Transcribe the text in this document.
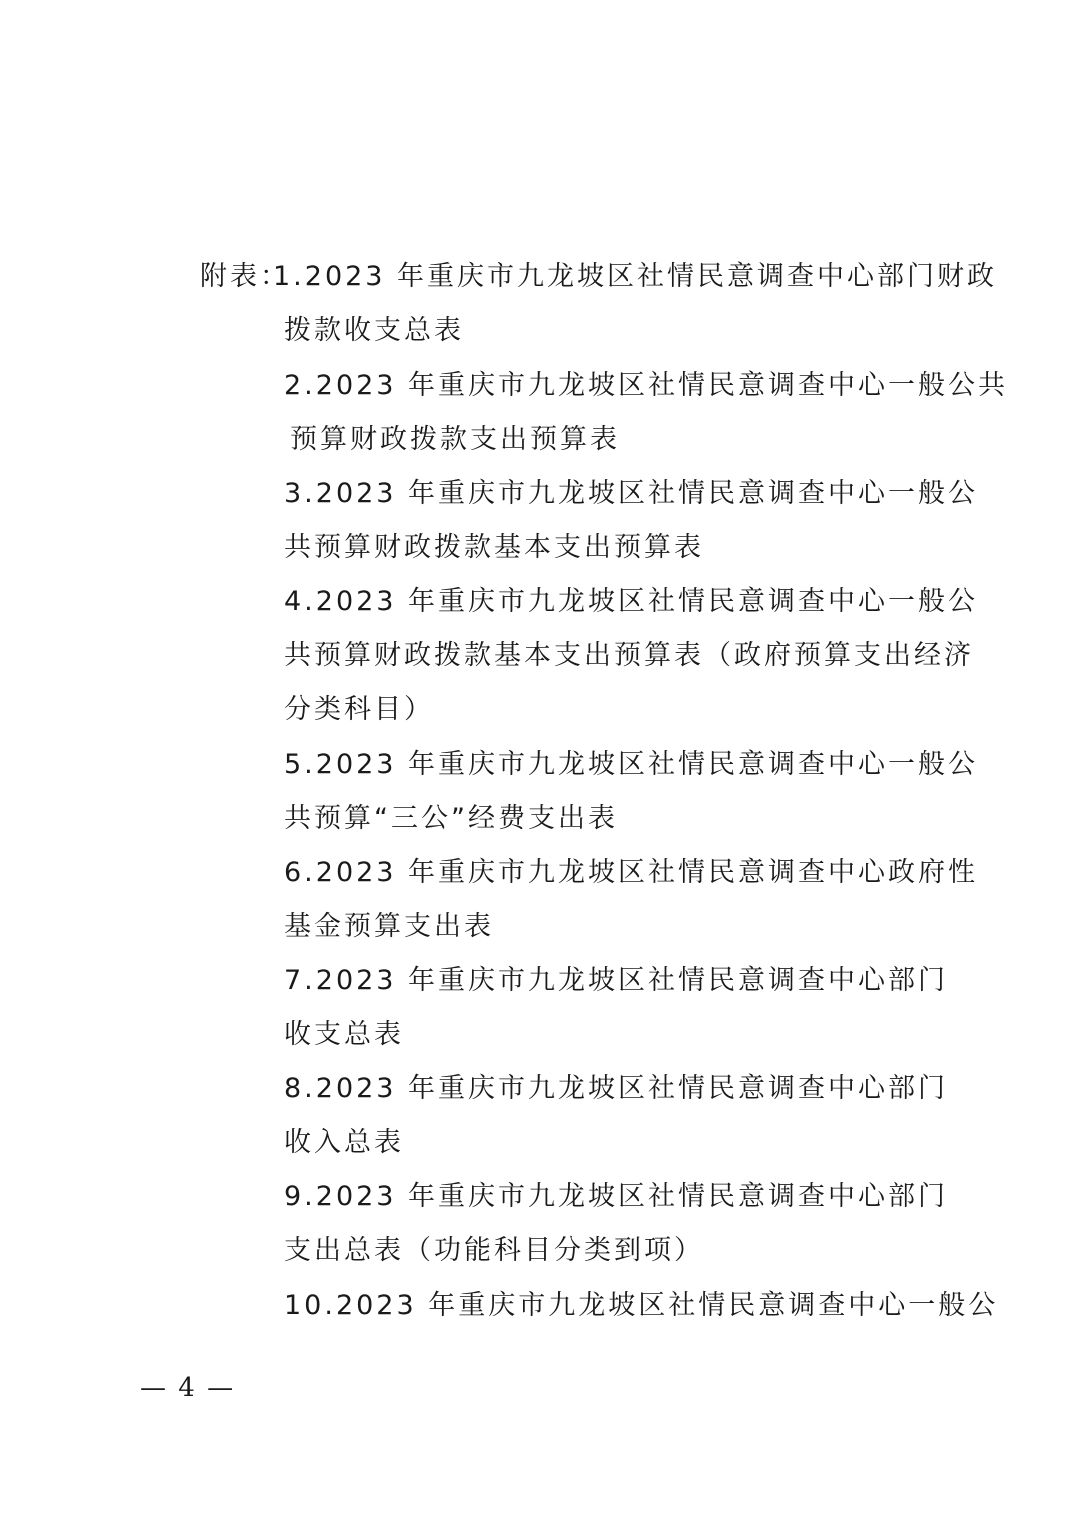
附表：
1.2023 年重庆市九龙坡区社情民意调查中心部门财政
拨款收支总表
2.2023 年重庆市九龙坡区社情民意调查中心一般公共
预算财政拨款支出预算表
3.2023 年重庆市九龙坡区社情民意调查中心一般公
共预算财政拨款基本支出预算表
4.2023 年重庆市九龙坡区社情民意调查中心一般公
共预算财政拨款基本支出预算表（政府预算支出经济
分类科目）
5.2023 年重庆市九龙坡区社情民意调查中心一般公
共预算“三公”经费支出表
6.2023 年重庆市九龙坡区社情民意调查中心政府性
基金预算支出表
7.2023 年重庆市九龙坡区社情民意调查中心部门
收支总表
8.2023 年重庆市九龙坡区社情民意调查中心部门
收入总表
9.2023 年重庆市九龙坡区社情民意调查中心部门
支出总表（功能科目分类到项）
10.2023 年重庆市九龙坡区社情民意调查中心一般公
— 4 —
